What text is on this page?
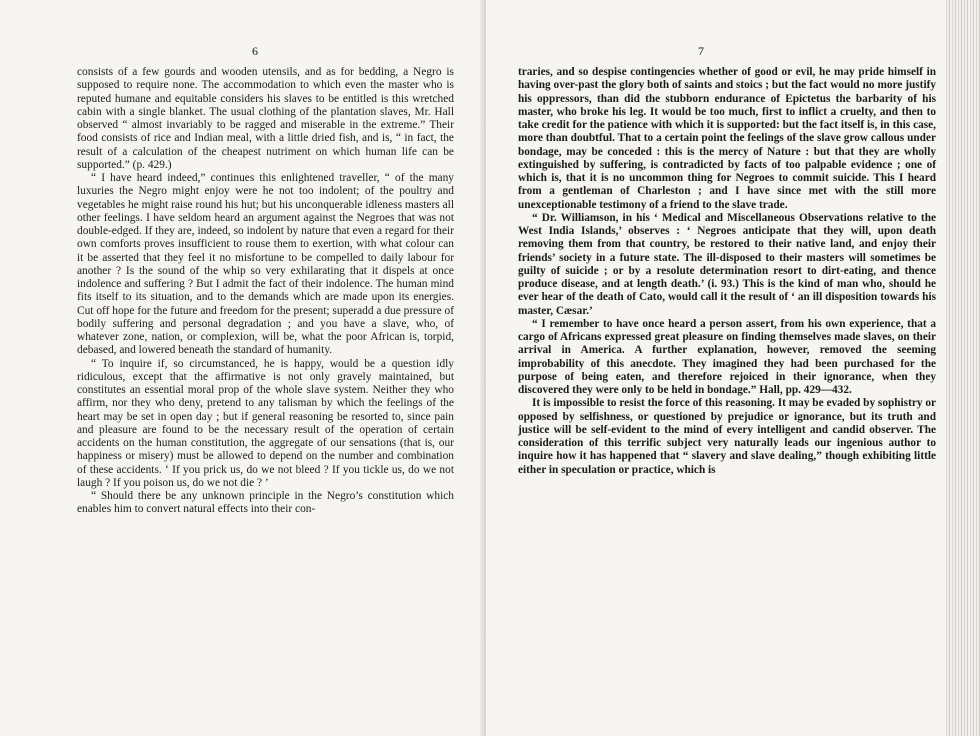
6

consists of a few gourds and wooden utensils, and as for bedding, a Negro is supposed to require none. The accommodation to which even the master who is reputed humane and equitable considers his slaves to be entitled is this wretched cabin with a single blanket. The usual clothing of the plantation slaves, Mr. Hall observed “ almost invariably to be ragged and miserable in the extreme.” Their food consists of rice and Indian meal, with a little dried fish, and is, “ in fact, the result of a calculation of the cheapest nutriment on which human life can be supported.” (p. 429.)

“ I have heard indeed,” continues this enlightened traveller, “ of the many luxuries the Negro might enjoy were he not too indolent; of the poultry and vegetables he might raise round his hut; but his unconquerable idleness masters all other feelings. I have seldom heard an argument against the Negroes that was not double-edged. If they are, indeed, so indolent by nature that even a regard for their own comforts proves insufficient to rouse them to exertion, with what colour can it be asserted that they feel it no misfortune to be compelled to daily labour for another ? Is the sound of the whip so very exhilarating that it dispels at once indolence and suffering ? But I admit the fact of their indolence. The human mind fits itself to its situation, and to the demands which are made upon its energies. Cut off hope for the future and freedom for the present; superadd a due pressure of bodily suffering and personal degradation ; and you have a slave, who, of whatever zone, nation, or complexion, will be, what the poor African is, torpid, debased, and lowered beneath the standard of humanity.

“ To inquire if, so circumstanced, he is happy, would be a question idly ridiculous, except that the affirmative is not only gravely maintained, but constitutes an essential moral prop of the whole slave system. Neither they who affirm, nor they who deny, pretend to any talisman by which the feelings of the heart may be set in open day ; but if general reasoning be resorted to, since pain and pleasure are found to be the necessary result of the operation of certain accidents on the human constitution, the aggregate of our sensations (that is, our happiness or misery) must be allowed to depend on the number and combination of these accidents. ‘ If you prick us, do we not bleed ? If you tickle us, do we not laugh ? If you poison us, do we not die ? ’

“ Should there be any unknown principle in the Negro’s constitution which enables him to convert natural effects into their con-

7

traries, and so despise contingencies whether of good or evil, he may pride himself in having over-past the glory both of saints and stoics ; but the fact would no more justify his oppressors, than did the stubborn endurance of Epictetus the barbarity of his master, who broke his leg. It would be too much, first to inflict a cruelty, and then to take credit for the patience with which it is supported: but the fact itself is, in this case, more than doubtful. That to a certain point the feelings of the slave grow callous under bondage, may be conceded : this is the mercy of Nature : but that they are wholly extinguished by suffering, is contradicted by facts of too palpable evidence ; one of which is, that it is no uncommon thing for Negroes to commit suicide. This I heard from a gentleman of Charleston ; and I have since met with the still more unexceptionable testimony of a friend to the slave trade.

“ Dr. Williamson, in his ‘ Medical and Miscellaneous Observations relative to the West India Islands,’ observes : ‘ Negroes anticipate that they will, upon death removing them from that country, be restored to their native land, and enjoy their friends’ society in a future state. The ill-disposed to their masters will sometimes be guilty of suicide ; or by a resolute determination resort to dirt-eating, and thence produce disease, and at length death.’ (i. 93.) This is the kind of man who, should he ever hear of the death of Cato, would call it the result of ‘ an ill disposition towards his master, Cæsar.’

“ I remember to have once heard a person assert, from his own experience, that a cargo of Africans expressed great pleasure on finding themselves made slaves, on their arrival in America. A further explanation, however, removed the seeming improbability of this anecdote. They imagined they had been purchased for the purpose of being eaten, and therefore rejoiced in their ignorance, when they discovered they were only to be held in bondage.” Hall, pp. 429—432.

It is impossible to resist the force of this reasoning. It may be evaded by sophistry or opposed by selfishness, or questioned by prejudice or ignorance, but its truth and justice will be self-evident to the mind of every intelligent and candid observer. The consideration of this terrific subject very naturally leads our ingenious author to inquire how it has happened that “ slavery and slave dealing,” though exhibiting little either in speculation or practice, which is
